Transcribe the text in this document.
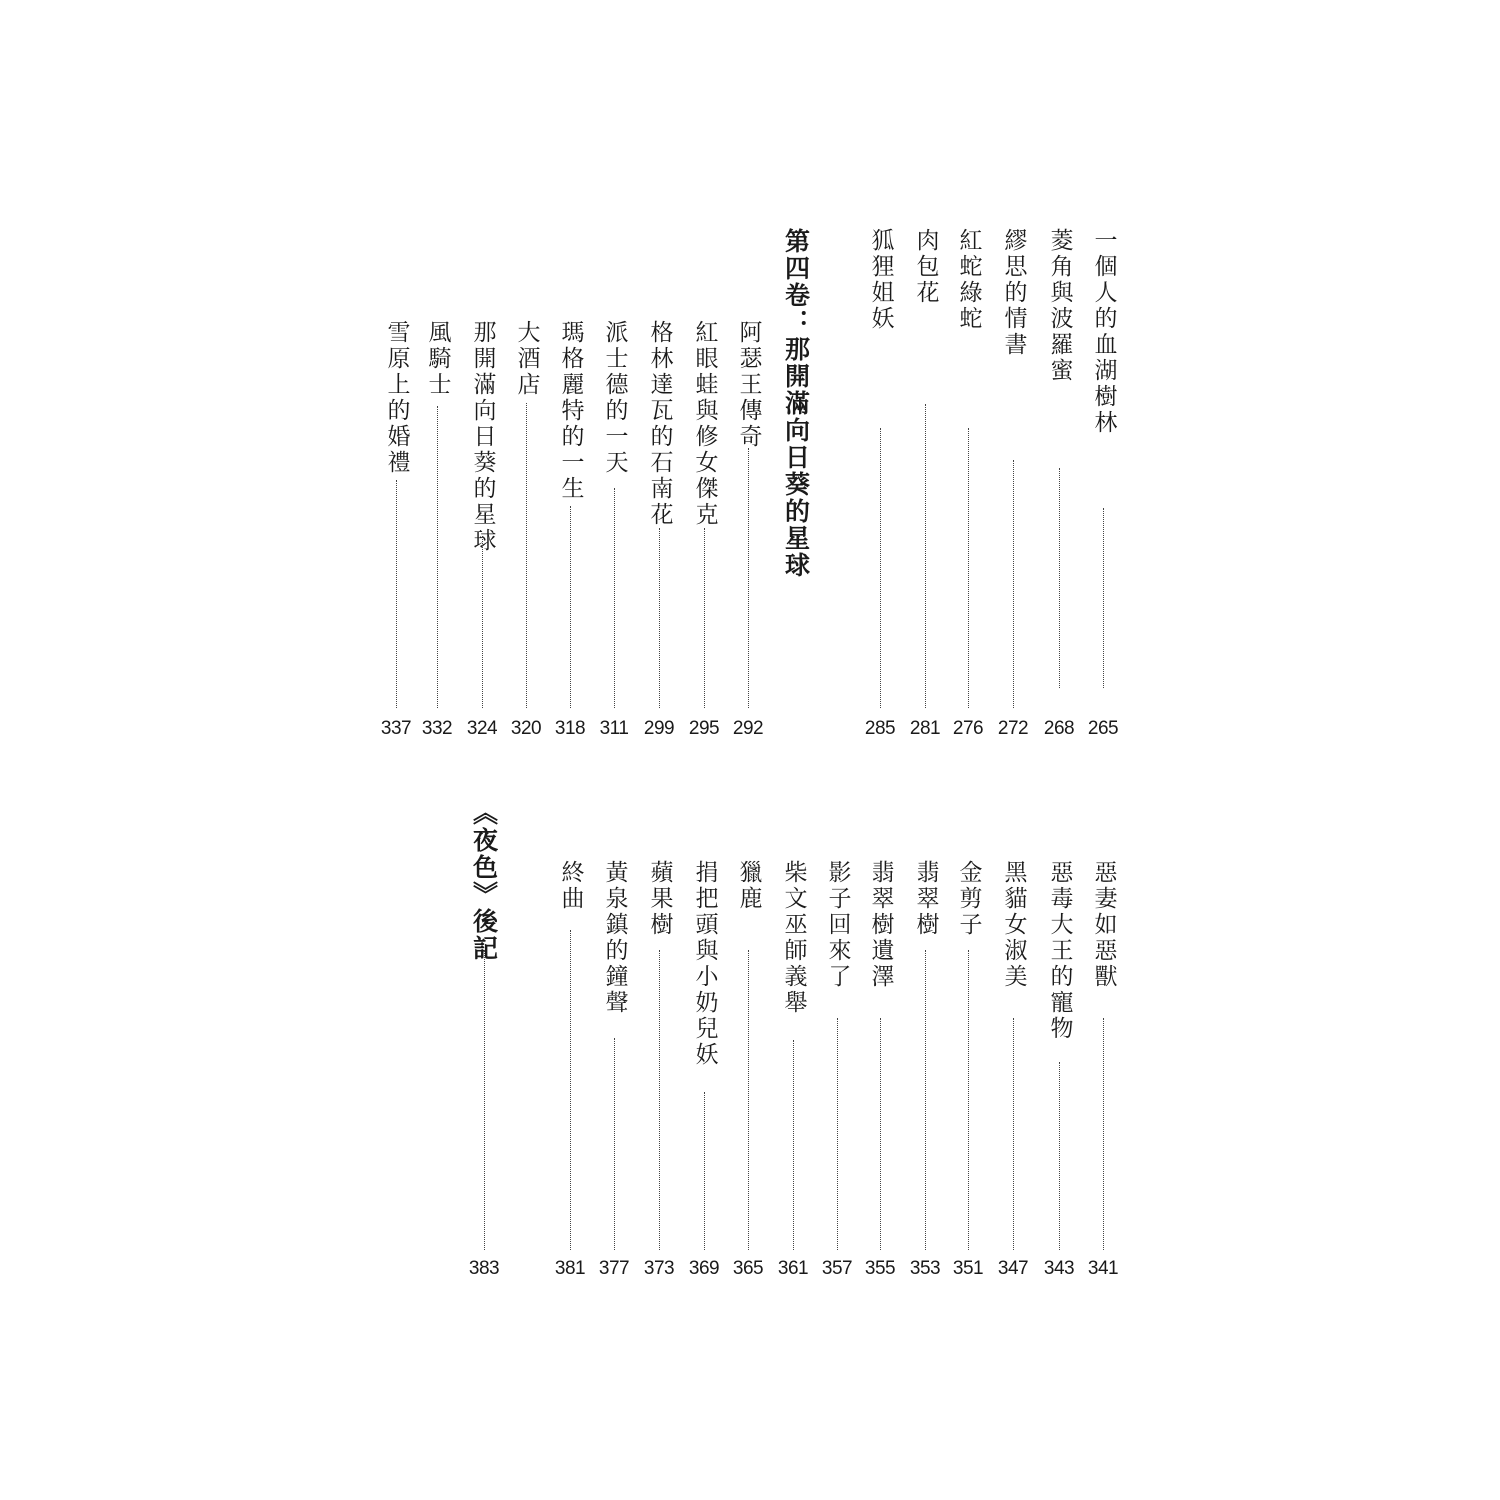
一個人的血湖樹林
265
菱角與波羅蜜
268
繆思的情書
272
紅蛇綠蛇
276
肉包花
281
狐狸姐妖
285
第四卷：那開滿向日葵的星球
阿瑟王傳奇
292
紅眼蛙與修女傑克
295
格林達瓦的石南花
299
派士德的一天
311
瑪格麗特的一生
318
大酒店
320
那開滿向日葵的星球
324
風騎士
332
雪原上的婚禮
337
惡妻如惡獸
341
惡毒大王的寵物
343
黑貓女淑美
347
金剪子
351
翡翠樹
353
翡翠樹遺澤
355
影子回來了
357
柴文巫師義舉
361
獵鹿
365
捐把頭與小奶兒妖
369
蘋果樹
373
黃泉鎮的鐘聲
377
終曲
381
《夜色》後記
383
